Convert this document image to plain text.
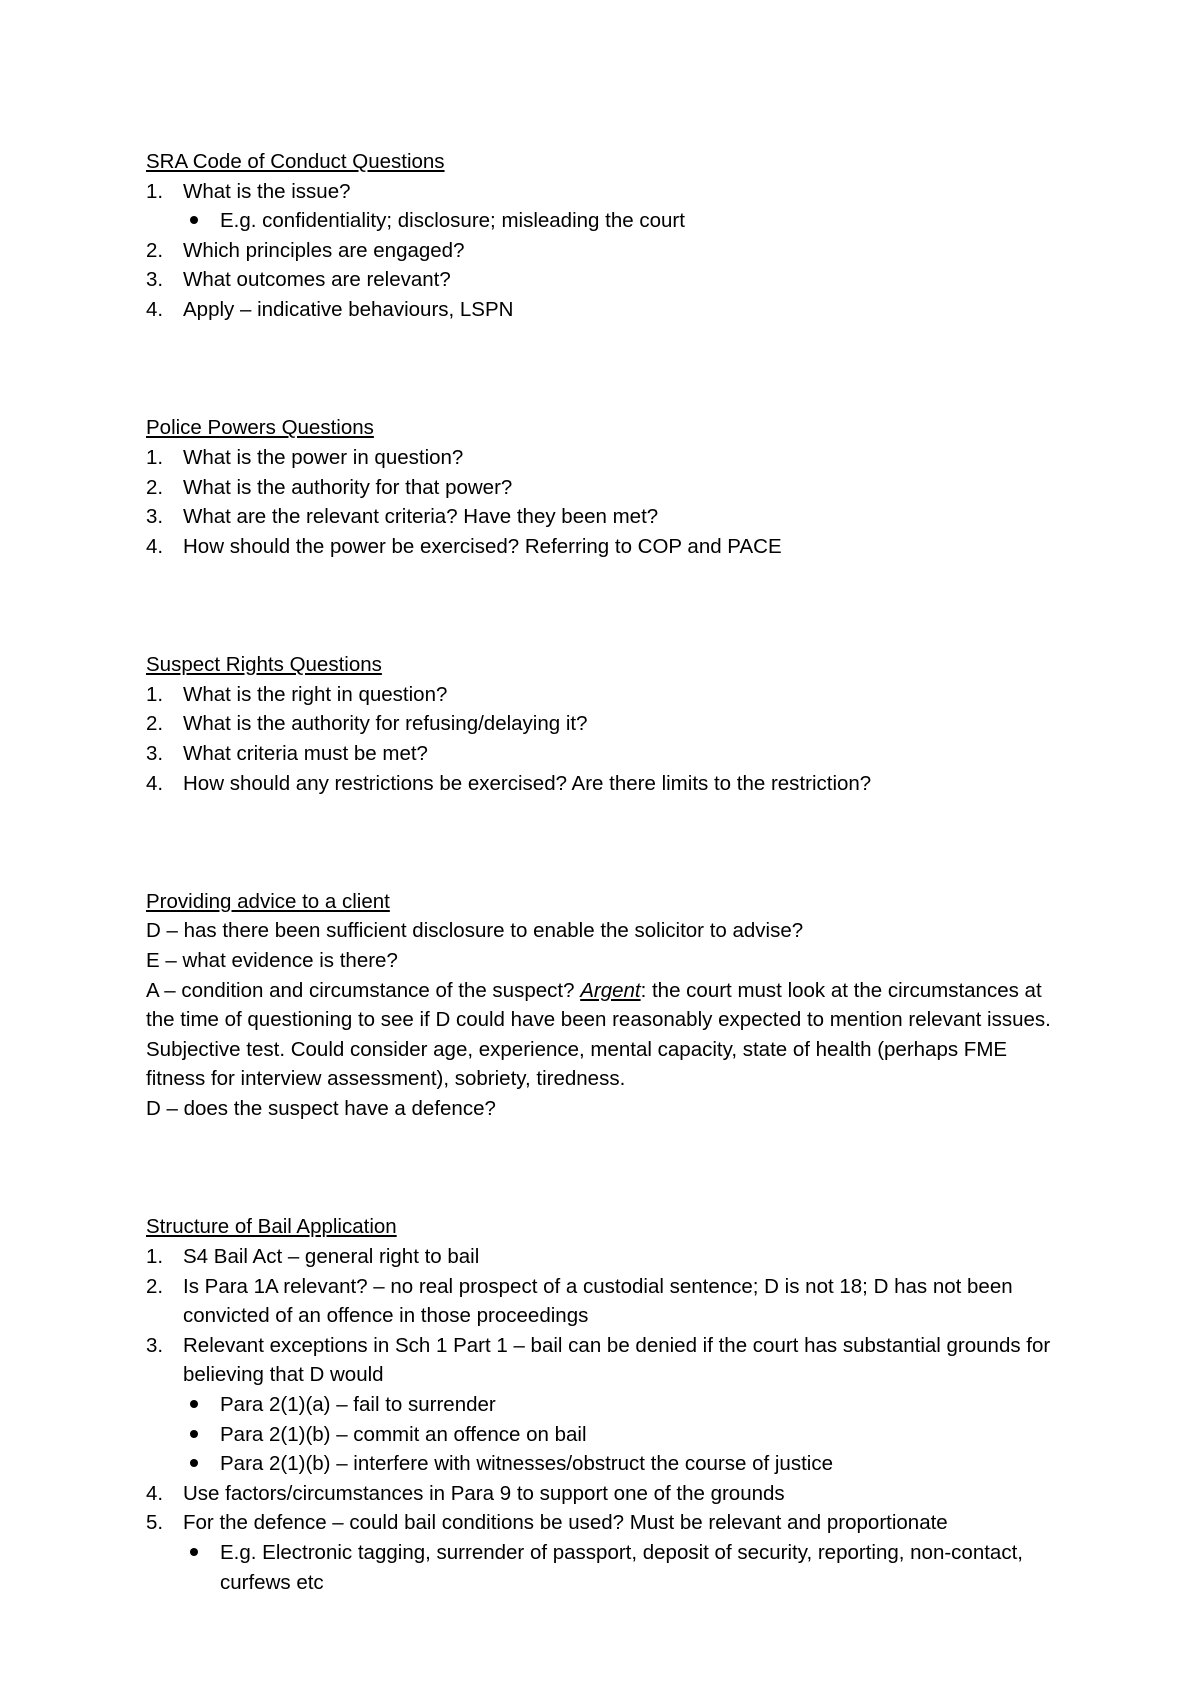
SRA Code of Conduct Questions
1. What is the issue?
E.g. confidentiality; disclosure; misleading the court
2. Which principles are engaged?
3. What outcomes are relevant?
4. Apply – indicative behaviours, LSPN
Police Powers Questions
1. What is the power in question?
2. What is the authority for that power?
3. What are the relevant criteria? Have they been met?
4. How should the power be exercised? Referring to COP and PACE
Suspect Rights Questions
1. What is the right in question?
2. What is the authority for refusing/delaying it?
3. What criteria must be met?
4. How should any restrictions be exercised? Are there limits to the restriction?
Providing advice to a client

D – has there been sufficient disclosure to enable the solicitor to advise?

E – what evidence is there?

A – condition and circumstance of the suspect? Argent: the court must look at the circumstances at the time of questioning to see if D could have been reasonably expected to mention relevant issues. Subjective test. Could consider age, experience, mental capacity, state of health (perhaps FME fitness for interview assessment), sobriety, tiredness.

D – does the suspect have a defence?

Structure of Bail Application
1. S4 Bail Act – general right to bail
2. Is Para 1A relevant? – no real prospect of a custodial sentence; D is not 18; D has not been convicted of an offence in those proceedings
3. Relevant exceptions in Sch 1 Part 1 – bail can be denied if the court has substantial grounds for believing that D would
Para 2(1)(a) – fail to surrender
Para 2(1)(b) – commit an offence on bail
Para 2(1)(b) – interfere with witnesses/obstruct the course of justice
4. Use factors/circumstances in Para 9 to support one of the grounds
5. For the defence – could bail conditions be used? Must be relevant and proportionate
E.g. Electronic tagging, surrender of passport, deposit of security, reporting, non-contact, curfews etc
